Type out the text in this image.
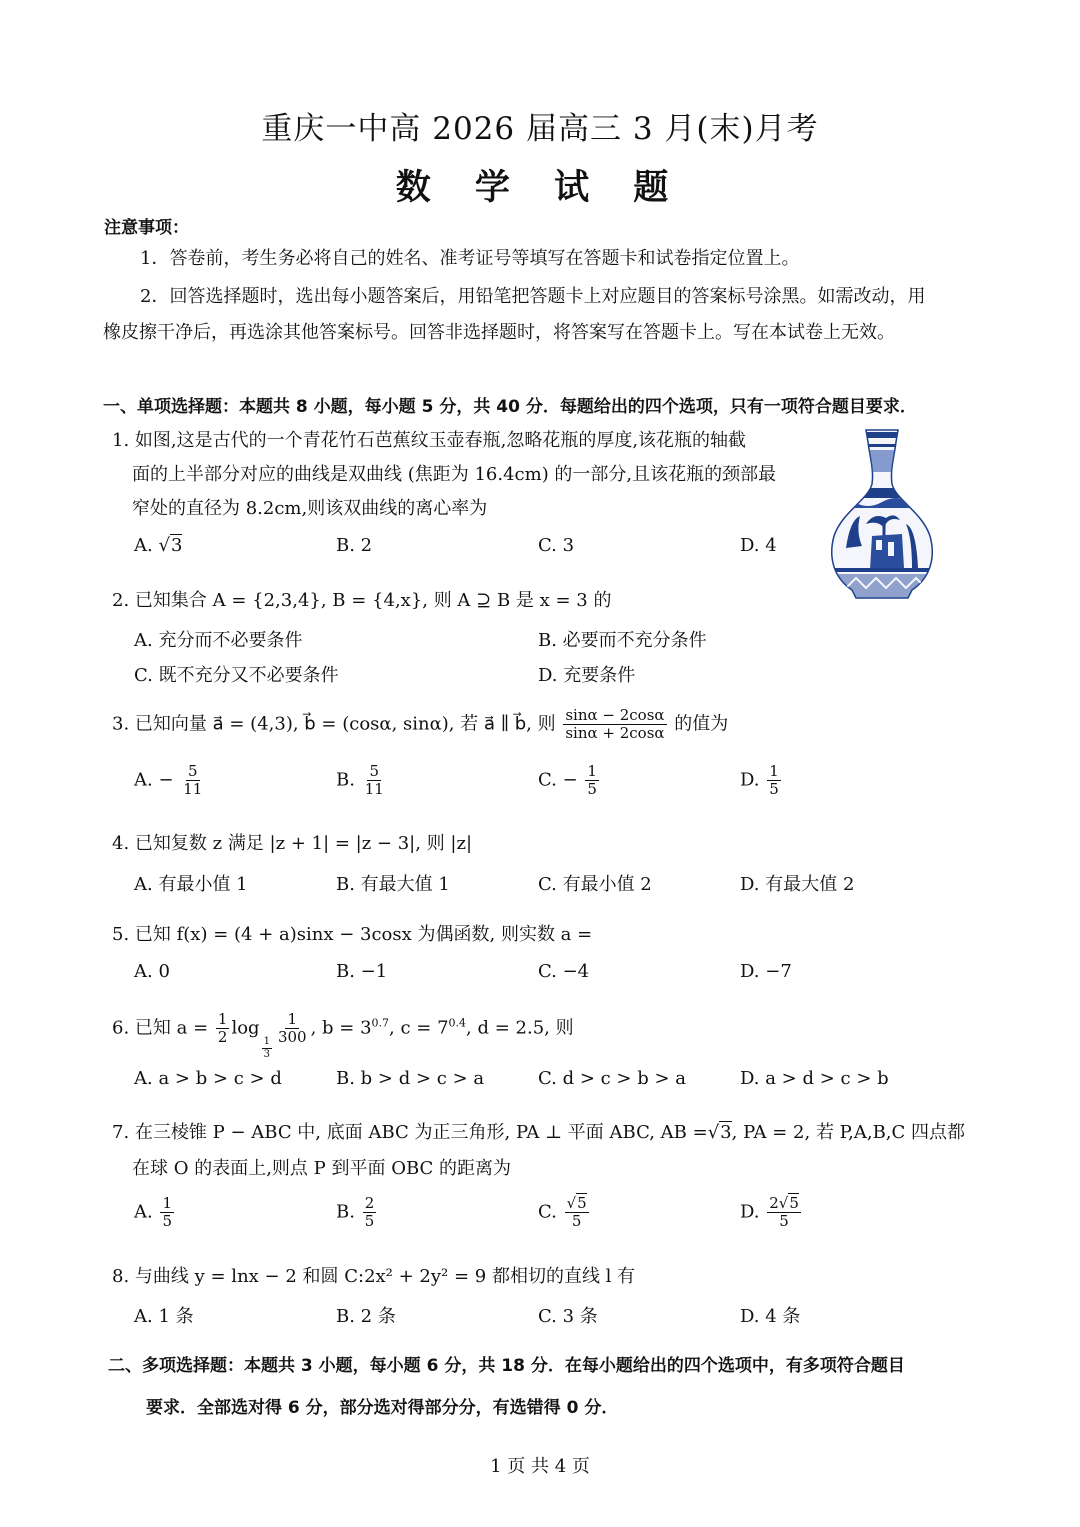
重庆一中高 2026 届高三 3 月(末)月考
数 学 试 题
注意事项：
1．答卷前，考生务必将自己的姓名、准考证号等填写在答题卡和试卷指定位置上。
2．回答选择题时，选出每小题答案后，用铅笔把答题卡上对应题目的答案标号涂黑。如需改动，用
橡皮擦干净后，再选涂其他答案标号。回答非选择题时，将答案写在答题卡上。写在本试卷上无效。
一、单项选择题：本题共 8 小题，每小题 5 分，共 40 分．每题给出的四个选项，只有一项符合题目要求．
1. 如图,这是古代的一个青花竹石芭蕉纹玉壶春瓶,忽略花瓶的厚度,该花瓶的轴截
面的上半部分对应的曲线是双曲线 (焦距为 16.4cm) 的一部分,且该花瓶的颈部最
窄处的直径为 8.2cm,则该双曲线的离心率为
A. √3	B. 2	C. 3	D. 4
2. 已知集合 A = {2,3,4}, B = {4,x}, 则 A ⊇ B 是 x = 3 的
A. 充分而不必要条件	B. 必要而不充分条件
C. 既不充分又不必要条件	D. 充要条件
3. 已知向量 a⃗ = (4,3), b⃗ = (cosα, sinα), 若 a⃗ ∥ b⃗, 则 $\frac{\sin\alpha - 2\cos\alpha}{\sin\alpha + 2\cos\alpha}$ 的值为
A. − $\frac{5}{11}$	B. $\frac{5}{11}$	C. − $\frac{1}{5}$	D. $\frac{1}{5}$
4. 已知复数 z 满足 |z + 1| = |z − 3|, 则 |z|
A. 有最小值 1	B. 有最大值 1	C. 有最小值 2	D. 有最大值 2
5. 已知 f(x) = (4 + a)sinx − 3cosx 为偶函数, 则实数 a =
A. 0	B. −1	C. −4	D. −7
6. 已知 $a = \frac{1}{2}$ log
$\frac{1}{3}$
$\frac{1}{300}$ , $b = 3^{0.7}$, $c = 7^{0.4}$, d = 2.5, 则
A. a > b > c > d	B. b > d > c > a	C. d > c > b > a	D. a > d > c > b
7. 在三棱锥 P − ABC 中, 底面 ABC 为正三角形, PA ⊥ 平面 ABC, AB =√3, PA = 2, 若 P,A,B,C 四点都
在球 O 的表面上,则点 P 到平面 OBC 的距离为
A. $\frac{1}{5}$	B. $\frac{2}{5}$	C. $\frac{√5}{5}$	D. $\frac{2√5}{5}$
8. 与曲线 y = lnx − 2 和圆 C:2x² + 2y² = 9 都相切的直线 l 有
A. 1 条	B. 2 条	C. 3 条	D. 4 条
二、多项选择题：本题共 3 小题，每小题 6 分，共 18 分．在每小题给出的四个选项中，有多项符合题目
要求．全部选对得 6 分，部分选对得部分分，有选错得 0 分．
1 页 共 4 页
